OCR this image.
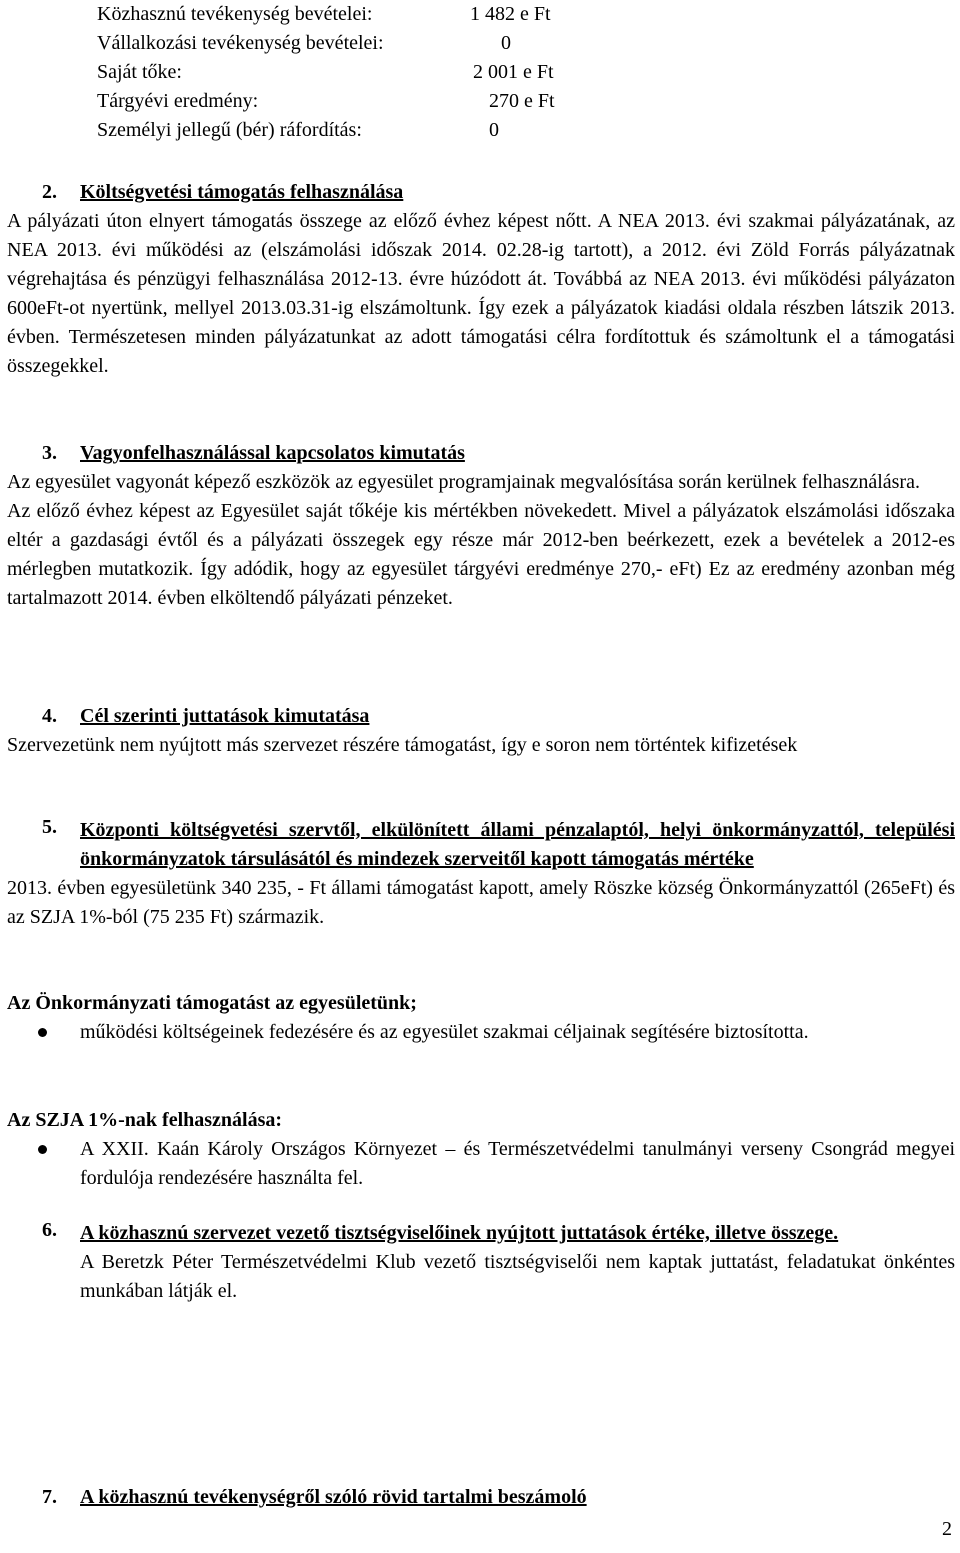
Közhasznú tevékenység bevételei:	1 482 e Ft
Vállalkozási tevékenység bevételei:	0
Saját tőke:	2 001 e Ft
Tárgyévi eredmény:	270 e Ft
Személyi jellegű (bér) ráfordítás:	0
2. Költségvetési támogatás felhasználása

A pályázati úton elnyert támogatás összege az előző évhez képest nőtt. A NEA 2013. évi szakmai pályázatának, az NEA 2013. évi működési az (elszámolási időszak 2014. 02.28-ig tartott), a 2012. évi Zöld Forrás pályázatnak végrehajtása és pénzügyi felhasználása 2012-13. évre húzódott át. Továbbá az NEA 2013. évi működési pályázaton 600eFt-ot nyertünk, mellyel 2013.03.31-ig elszámoltunk. Így ezek a pályázatok kiadási oldala részben látszik 2013. évben. Természetesen minden pályázatunkat az adott támogatási célra fordítottuk és számoltunk el a támogatási összegekkel.

3. Vagyonfelhasználással kapcsolatos kimutatás

Az egyesület vagyonát képező eszközök az egyesület programjainak megvalósítása során kerülnek felhasználásra.

Az előző évhez képest az Egyesület saját tőkéje kis mértékben növekedett. Mivel a pályázatok elszámolási időszaka eltér a gazdasági évtől és a pályázati összegek egy része már 2012-ben beérkezett, ezek a bevételek a 2012-es mérlegben mutatkozik. Így adódik, hogy az egyesület tárgyévi eredménye 270,- eFt) Ez az eredmény azonban még tartalmazott 2014. évben elköltendő pályázati pénzeket.

4. Cél szerinti juttatások kimutatása

Szervezetünk nem nyújtott más szervezet részére támogatást, így e soron nem történtek kifizetések

5.	Központi költségvetési szervtől, elkülönített állami pénzalaptól, helyi önkormányzattól, települési önkormányzatok társulásától és mindezek szerveitől kapott támogatás mértéke

2013. évben egyesületünk 340 235, - Ft állami támogatást kapott, amely Röszke község Önkormányzattól (265eFt) és az SZJA 1%-ból (75 235 Ft) származik.

Az Önkormányzati támogatást az egyesületünk;
működési költségeinek fedezésére és az egyesület szakmai céljainak segítésére biztosította.
Az SZJA 1%-nak felhasználása:
A XXII. Kaán Károly Országos Környezet – és Természetvédelmi tanulmányi verseny Csongrád megyei fordulója rendezésére használta fel.
6.	A közhasznú szervezet vezető tisztségviselőinek nyújtott juttatások értéke, illetve összege.

A Beretzk Péter Természetvédelmi Klub vezető tisztségviselői nem kaptak juttatást, feladatukat önkéntes munkában látják el.

7. A közhasznú tevékenységről szóló rövid tartalmi beszámoló
2
